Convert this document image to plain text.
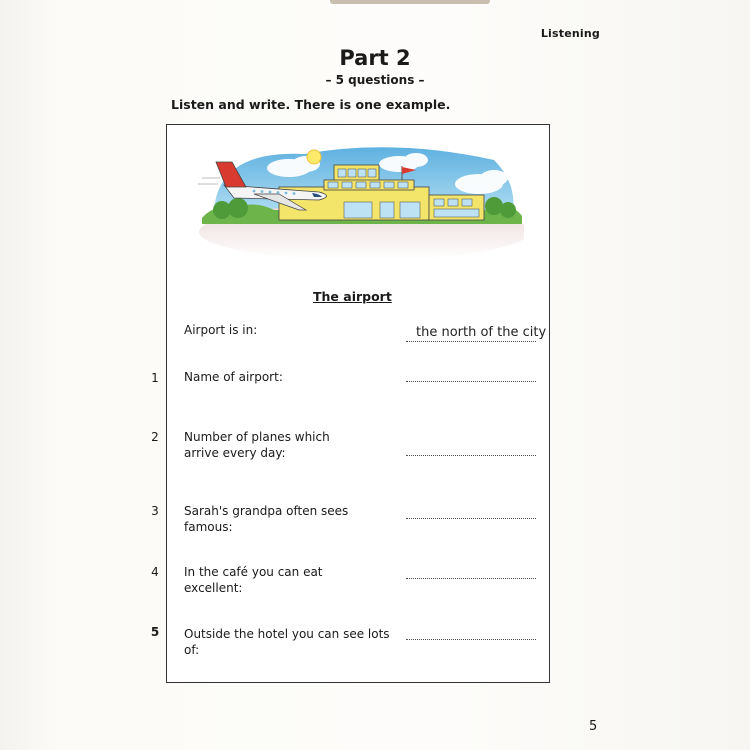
Listening
Part 2
– 5 questions –
Listen and write. There is one example.
The airport
Airport is in:	the north of the city
1 Name of airport:
2 Number of planes which arrive every day:
3 Sarah's grandpa often sees famous:
4 In the café you can eat excellent:
5 Outside the hotel you can see lots of:
5
